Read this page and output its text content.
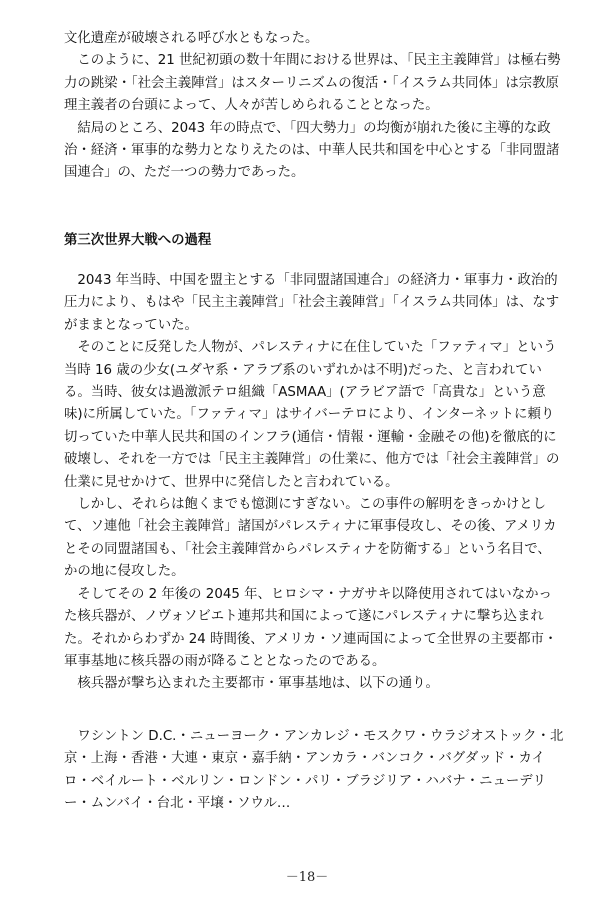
文化遺産が破壊される呼び水ともなった。

このように、21 世紀初頭の数十年間における世界は、「民主主義陣営」は極右勢力の跳梁・「社会主義陣営」はスターリニズムの復活・「イスラム共同体」は宗教原理主義者の台頭によって、人々が苦しめられることとなった。

結局のところ、2043 年の時点で、「四大勢力」の均衡が崩れた後に主導的な政治・経済・軍事的な勢力となりえたのは、中華人民共和国を中心とする「非同盟諸国連合」の、ただ一つの勢力であった。

第三次世界大戦への過程

2043 年当時、中国を盟主とする「非同盟諸国連合」の経済力・軍事力・政治的圧力により、もはや「民主主義陣営」「社会主義陣営」「イスラム共同体」は、なすがままとなっていた。

そのことに反発した人物が、パレスティナに在住していた「ファティマ」という当時 16 歳の少女(ユダヤ系・アラブ系のいずれかは不明)だった、と言われている。当時、彼女は過激派テロ組織「ASMAA」(アラビア語で「高貴な」という意味)に所属していた。「ファティマ」はサイバーテロにより、インターネットに頼り切っていた中華人民共和国のインフラ(通信・情報・運輸・金融その他)を徹底的に破壊し、それを一方では「民主主義陣営」の仕業に、他方では「社会主義陣営」の仕業に見せかけて、世界中に発信したと言われている。

しかし、それらは飽くまでも憶測にすぎない。この事件の解明をきっかけとして、ソ連他「社会主義陣営」諸国がパレスティナに軍事侵攻し、その後、アメリカとその同盟諸国も、「社会主義陣営からパレスティナを防衛する」という名目で、かの地に侵攻した。

そしてその 2 年後の 2045 年、ヒロシマ・ナガサキ以降使用されてはいなかった核兵器が、ノヴォソビエト連邦共和国によって遂にパレスティナに撃ち込まれた。それからわずか 24 時間後、アメリカ・ソ連両国によって全世界の主要都市・軍事基地に核兵器の雨が降ることとなったのである。

核兵器が撃ち込まれた主要都市・軍事基地は、以下の通り。

ワシントン D.C.・ニューヨーク・アンカレジ・モスクワ・ウラジオストック・北京・上海・香港・大連・東京・嘉手納・アンカラ・バンコク・バグダッド・カイロ・ベイルート・ベルリン・ロンドン・パリ・ブラジリア・ハバナ・ニューデリー・ムンバイ・台北・平壌・ソウル…

－18－
